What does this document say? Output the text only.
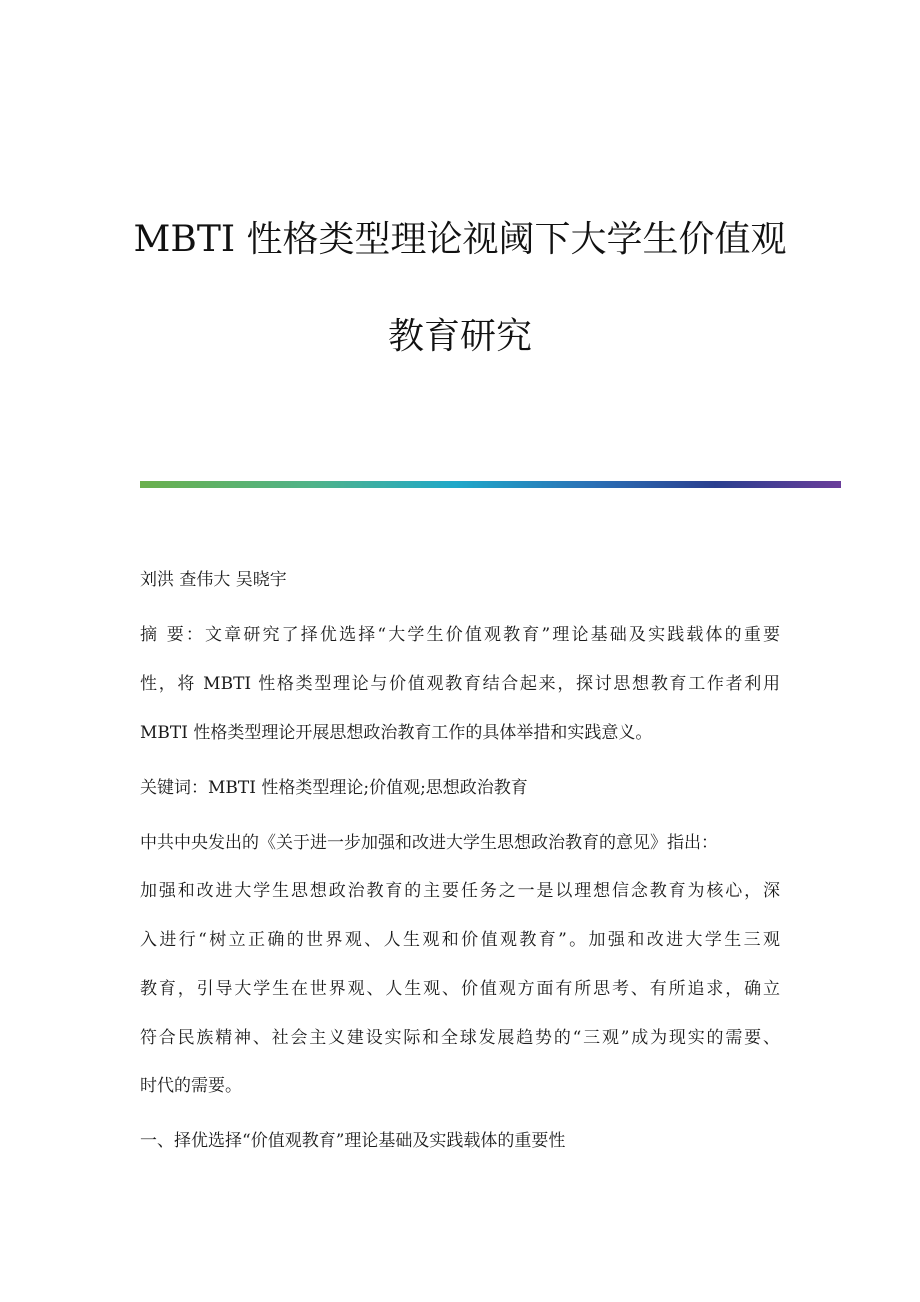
MBTI 性格类型理论视阈下大学生价值观
教育研究
刘洪 查伟大 吴晓宇
摘 要：文章研究了择优选择“大学生价值观教育”理论基础及实践载体的重要
性，将 MBTI 性格类型理论与价值观教育结合起来，探讨思想教育工作者利用
MBTI 性格类型理论开展思想政治教育工作的具体举措和实践意义。
关键词：MBTI 性格类型理论;价值观;思想政治教育
中共中央发出的《关于进一步加强和改进大学生思想政治教育的意见》指出：
加强和改进大学生思想政治教育的主要任务之一是以理想信念教育为核心，深
入进行“树立正确的世界观、人生观和价值观教育”。加强和改进大学生三观
教育，引导大学生在世界观、人生观、价值观方面有所思考、有所追求，确立
符合民族精神、社会主义建设实际和全球发展趋势的“三观”成为现实的需要、
时代的需要。
一、择优选择“价值观教育”理论基础及实践载体的重要性
